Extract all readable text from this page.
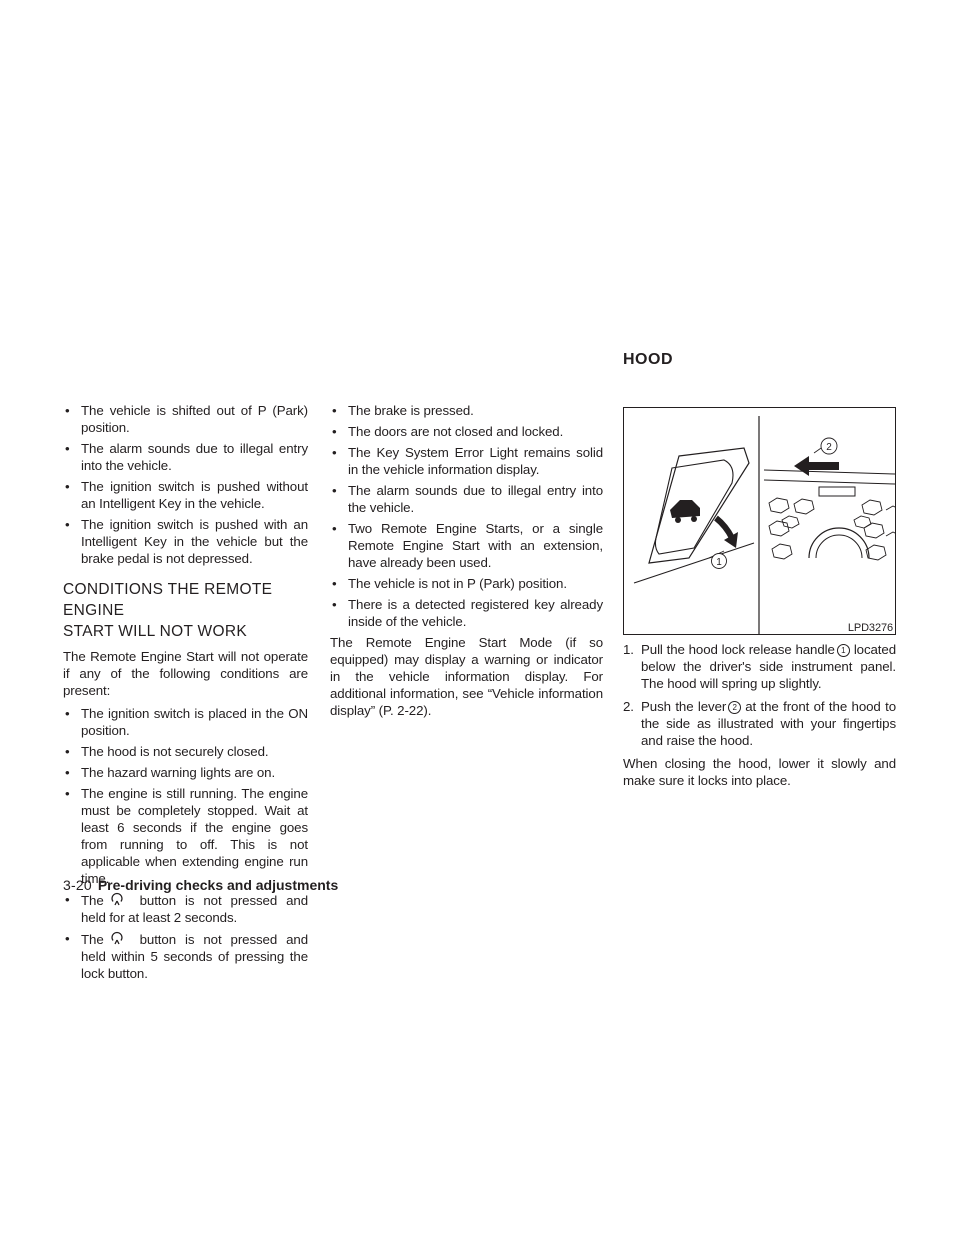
• The vehicle is shifted out of P (Park) position.
• The alarm sounds due to illegal entry into the vehicle.
• The ignition switch is pushed without an Intelligent Key in the vehicle.
• The ignition switch is pushed with an Intelligent Key in the vehicle but the brake pedal is not depressed.
CONDITIONS THE REMOTE ENGINE
START WILL NOT WORK

The Remote Engine Start will not operate if any of the following conditions are present:

• The ignition switch is placed in the ON position.
• The hood is not securely closed.
• The hazard warning lights are on.
• The engine is still running. The engine must be completely stopped. Wait at least 6 seconds if the engine goes from running to off. This is not applicable when extending engine run time.
• The	button is not pressed and held for at least 2 seconds.
• The	button is not pressed and held within 5 seconds of pressing the lock button.
• The brake is pressed.
• The doors are not closed and locked.
• The Key System Error Light remains solid in the vehicle information display.
• The alarm sounds due to illegal entry into the vehicle.
• Two Remote Engine Starts, or a single Remote Engine Start with an extension, have already been used.
• The vehicle is not in P (Park) position.
• There is a detected registered key already inside of the vehicle.

The Remote Engine Start Mode (if so equipped) may display a warning or indicator in the vehicle information display. For additional information, see “Vehicle information display” (P. 2-22).

HOOD
1
2
LPD3276
1. Pull the hood lock release handle 1 located below the driver's side instrument panel. The hood will spring up slightly.
2. Push the lever 2 at the front of the hood to the side as illustrated with your fingertips and raise the hood.

When closing the hood, lower it slowly and make sure it locks into place.

3-20 Pre-driving checks and adjustments
